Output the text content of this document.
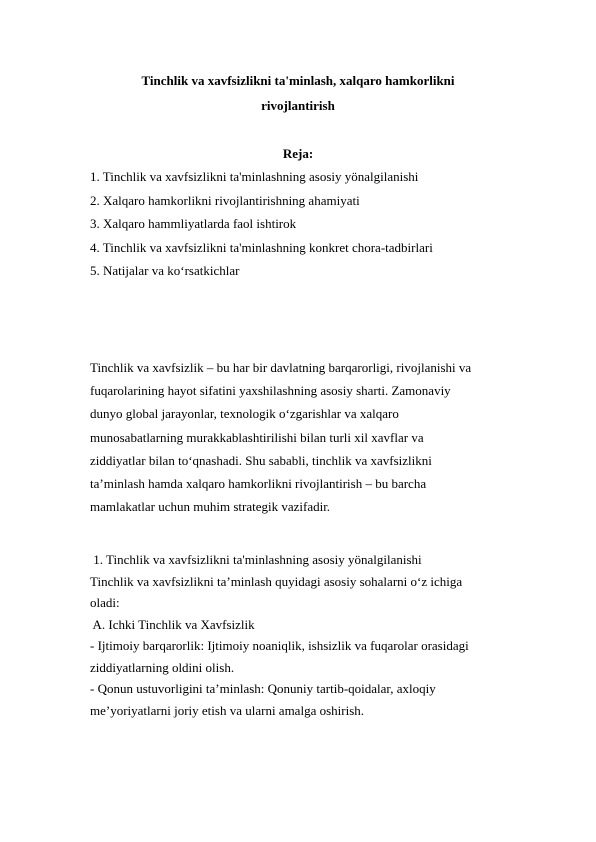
Tinchlik va xavfsizlikni ta'minlash, xalqaro hamkorlikni
rivojlantirish
Reja:
1. Tinchlik va xavfsizlikni ta'minlashning asosiy yönalgilanishi
2. Xalqaro hamkorlikni rivojlantirishning ahamiyati
3. Xalqaro hammliyatlarda faol ishtirok
4. Tinchlik va xavfsizlikni ta'minlashning konkret chora-tadbirlari
5. Natijalar va ko‘rsatkichlar
Tinchlik va xavfsizlik – bu har bir davlatning barqarorligi, rivojlanishi va
fuqarolarining hayot sifatini yaxshilashning asosiy sharti. Zamonaviy
dunyo global jarayonlar, texnologik o‘zgarishlar va xalqaro
munosabatlarning murakkablashtirilishi bilan turli xil xavflar va
ziddiyatlar bilan to‘qnashadi. Shu sababli, tinchlik va xavfsizlikni
ta’minlash hamda xalqaro hamkorlikni rivojlantirish – bu barcha
mamlakatlar uchun muhim strategik vazifadir.
1. Tinchlik va xavfsizlikni ta'minlashning asosiy yönalgilanishi
Tinchlik va xavfsizlikni ta’minlash quyidagi asosiy sohalarni o‘z ichiga
oladi:
A. Ichki Tinchlik va Xavfsizlik
- Ijtimoiy barqarorlik: Ijtimoiy noaniqlik, ishsizlik va fuqarolar orasidagi
ziddiyatlarning oldini olish.
- Qonun ustuvorligini ta’minlash: Qonuniy tartib-qoidalar, axloqiy
me’yoriyatlarni joriy etish va ularni amalga oshirish.
